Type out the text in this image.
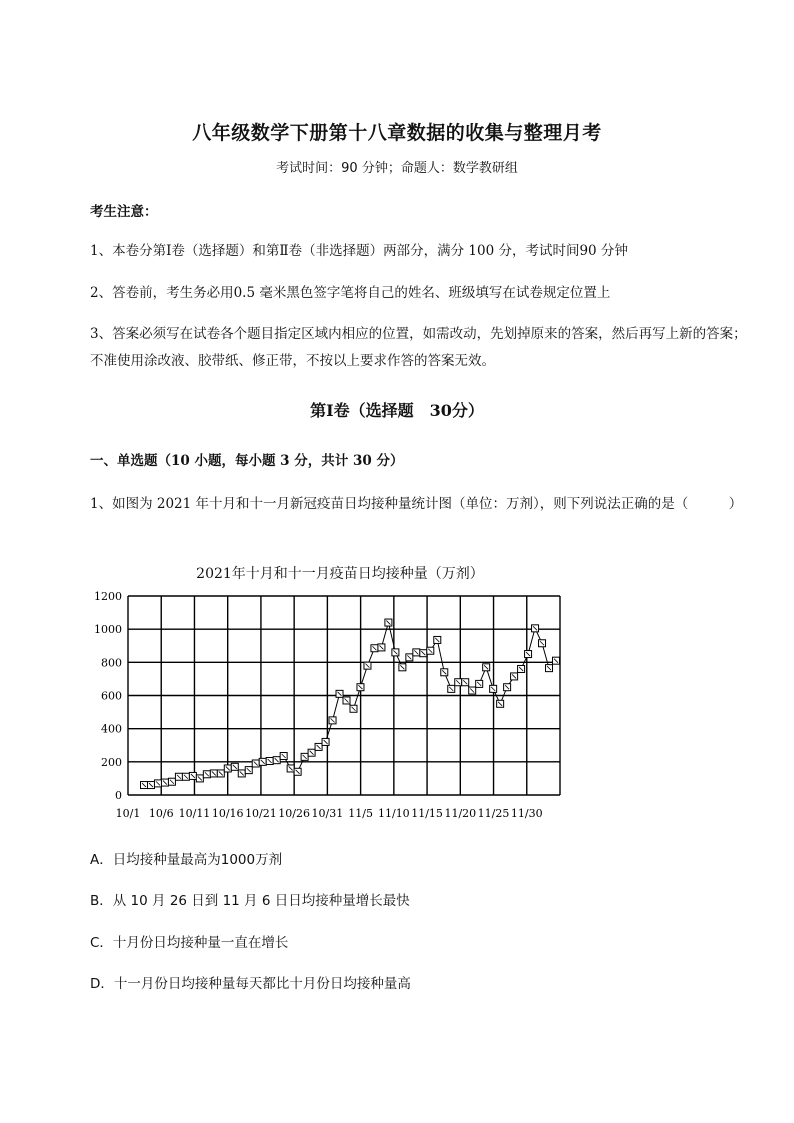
八年级数学下册第十八章数据的收集与整理月考
考试时间：90 分钟；命题人：数学教研组
考生注意：
1、本卷分第Ⅰ卷（选择题）和第Ⅱ卷（非选择题）两部分，满分 100 分，考试时间90 分钟
2、答卷前，考生务必用0.5 毫米黑色签字笔将自己的姓名、班级填写在试卷规定位置上
3、答案必须写在试卷各个题目指定区域内相应的位置，如需改动，先划掉原来的答案，然后再写上新的答案；不准使用涂改液、胶带纸、修正带，不按以上要求作答的答案无效。
第Ⅰ卷（选择题　30分）
一、单选题（10 小题，每小题 3 分，共计 30 分）
1、如图为 2021 年十月和十一月新冠疫苗日均接种量统计图（单位：万剂），则下列说法正确的是（　　　）
2021年十月和十一月疫苗日均接种量（万剂）
0
200
400
600
800
1000
1200
10/1 10/6 10/11 10/16 10/21 10/26 10/31 11/5 11/10 11/15 11/20 11/25 11/30
A．日均接种量最高为1000万剂
B．从 10 月 26 日到 11 月 6 日日均接种量增长最快
C．十月份日均接种量一直在增长
D．十一月份日均接种量每天都比十月份日均接种量高
